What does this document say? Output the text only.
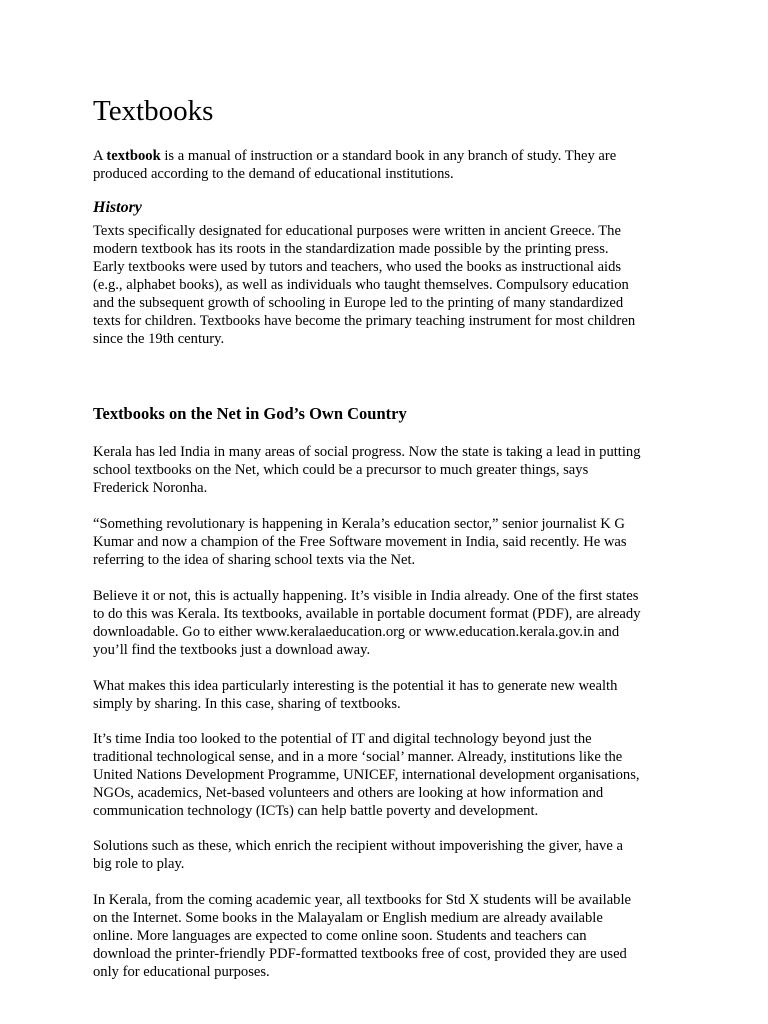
Textbooks

A textbook is a manual of instruction or a standard book in any branch of study. They are
produced according to the demand of educational institutions.

History

Texts specifically designated for educational purposes were written in ancient Greece. The
modern textbook has its roots in the standardization made possible by the printing press.
Early textbooks were used by tutors and teachers, who used the books as instructional aids
(e.g., alphabet books), as well as individuals who taught themselves. Compulsory education
and the subsequent growth of schooling in Europe led to the printing of many standardized
texts for children. Textbooks have become the primary teaching instrument for most children
since the 19th century.

Textbooks on the Net in God’s Own Country

Kerala has led India in many areas of social progress. Now the state is taking a lead in putting
school textbooks on the Net, which could be a precursor to much greater things, says
Frederick Noronha.

“Something revolutionary is happening in Kerala’s education sector,” senior journalist K G
Kumar and now a champion of the Free Software movement in India, said recently. He was
referring to the idea of sharing school texts via the Net.

Believe it or not, this is actually happening. It’s visible in India already. One of the first states
to do this was Kerala. Its textbooks, available in portable document format (PDF), are already
downloadable. Go to either www.keralaeducation.org or www.education.kerala.gov.in and
you’ll find the textbooks just a download away.

What makes this idea particularly interesting is the potential it has to generate new wealth
simply by sharing. In this case, sharing of textbooks.

It’s time India too looked to the potential of IT and digital technology beyond just the
traditional technological sense, and in a more ‘social’ manner. Already, institutions like the
United Nations Development Programme, UNICEF, international development organisations,
NGOs, academics, Net-based volunteers and others are looking at how information and
communication technology (ICTs) can help battle poverty and development.

Solutions such as these, which enrich the recipient without impoverishing the giver, have a
big role to play.

In Kerala, from the coming academic year, all textbooks for Std X students will be available
on the Internet. Some books in the Malayalam or English medium are already available
online. More languages are expected to come online soon. Students and teachers can
download the printer-friendly PDF-formatted textbooks free of cost, provided they are used
only for educational purposes.
